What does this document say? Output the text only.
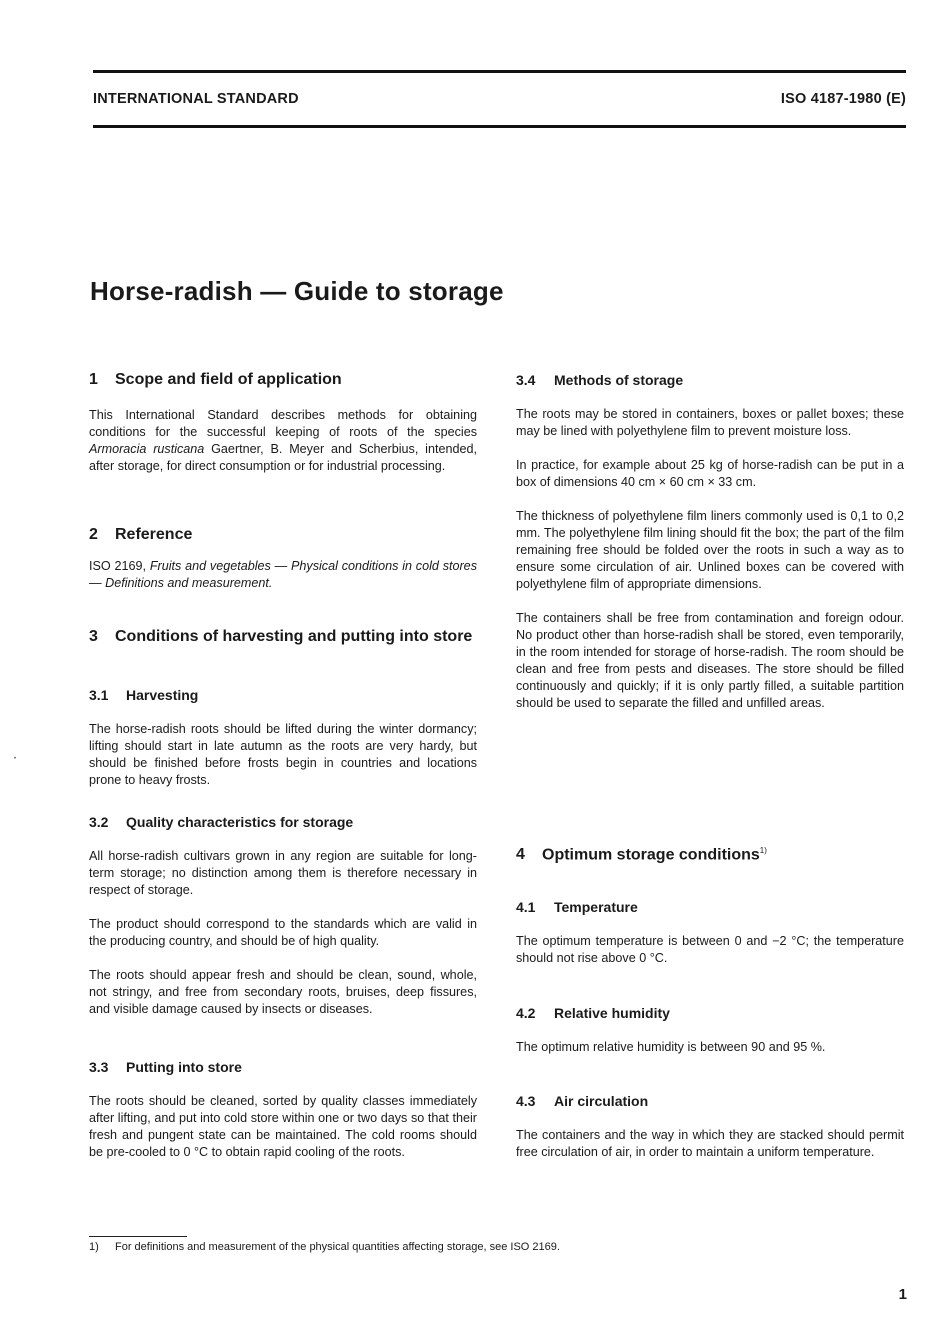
INTERNATIONAL STANDARD	ISO 4187-1980 (E)
Horse-radish — Guide to storage
•
1 Scope and field of application

This International Standard describes methods for obtaining conditions for the successful keeping of roots of the species Armoracia rusticana Gaertner, B. Meyer and Scherbius, intended, after storage, for direct consumption or for industrial processing.

2 Reference

ISO 2169, Fruits and vegetables — Physical conditions in cold stores — Definitions and measurement.

3 Conditions of harvesting and putting into store
3.1 Harvesting

The horse-radish roots should be lifted during the winter dormancy; lifting should start in late autumn as the roots are very hardy, but should be finished before frosts begin in countries and locations prone to heavy frosts.

3.2 Quality characteristics for storage

All horse-radish cultivars grown in any region are suitable for long-term storage; no distinction among them is therefore necessary in respect of storage.

The product should correspond to the standards which are valid in the producing country, and should be of high quality.

The roots should appear fresh and should be clean, sound, whole, not stringy, and free from secondary roots, bruises, deep fissures, and visible damage caused by insects or diseases.

3.3 Putting into store

The roots should be cleaned, sorted by quality classes immediately after lifting, and put into cold store within one or two days so that their fresh and pungent state can be maintained. The cold rooms should be pre-cooled to 0 °C to obtain rapid cooling of the roots.

3.4 Methods of storage

The roots may be stored in containers, boxes or pallet boxes; these may be lined with polyethylene film to prevent moisture loss.

In practice, for example about 25 kg of horse-radish can be put in a box of dimensions 40 cm × 60 cm × 33 cm.

The thickness of polyethylene film liners commonly used is 0,1 to 0,2 mm. The polyethylene film lining should fit the box; the part of the film remaining free should be folded over the roots in such a way as to ensure some circulation of air. Unlined boxes can be covered with polyethylene film of appropriate dimensions.

The containers shall be free from contamination and foreign odour. No product other than horse-radish shall be stored, even temporarily, in the room intended for storage of horse-radish. The room should be clean and free from pests and diseases. The store should be filled continuously and quickly; if it is only partly filled, a suitable partition should be used to separate the filled and unfilled areas.

4 Optimum storage conditions$^{1)}$
4.1 Temperature

The optimum temperature is between 0 and −2 °C; the temperature should not rise above 0 °C.

4.2 Relative humidity

The optimum relative humidity is between 90 and 95 %.

4.3 Air circulation

The containers and the way in which they are stacked should permit free circulation of air, in order to maintain a uniform temperature.

1) For definitions and measurement of the physical quantities affecting storage, see ISO 2169.
1
